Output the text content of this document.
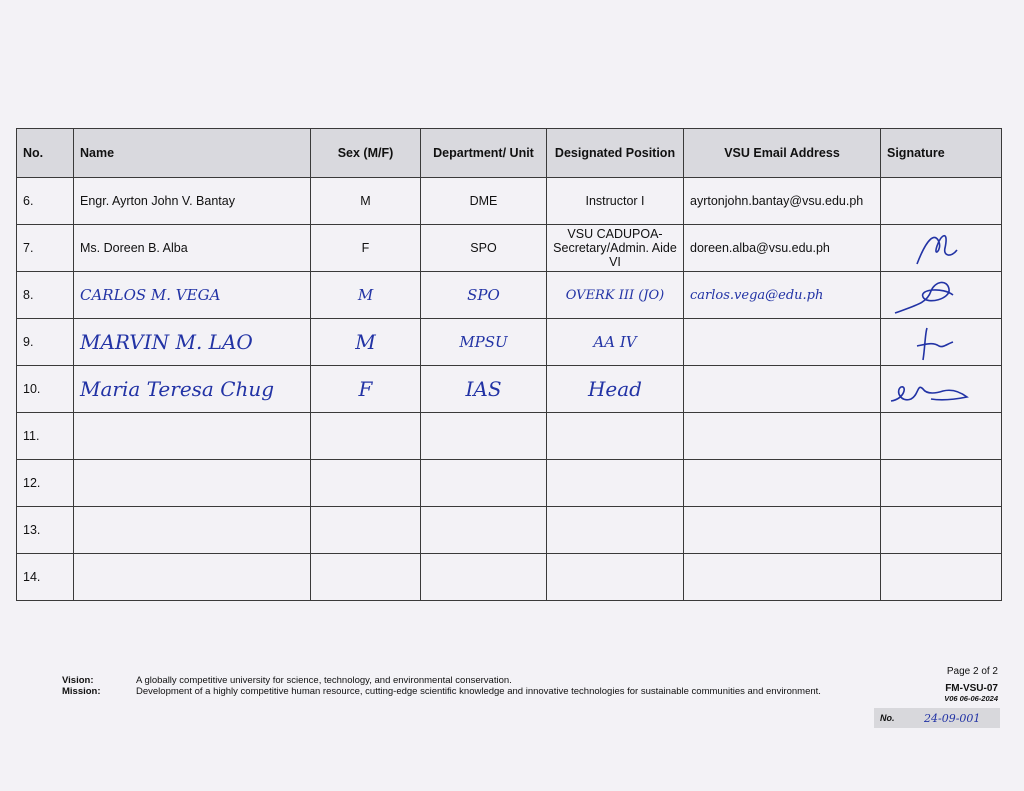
No.	Name	Sex (M/F)	Department/ Unit	Designated Position	VSU Email Address	Signature
6.	Engr. Ayrton John V. Bantay	M	DME	Instructor I	ayrtonjohn.bantay@vsu.edu.ph	
7.	Ms. Doreen B. Alba	F	SPO	VSU CADUPOA-Secretary/Admin. Aide VI	doreen.alba@vsu.edu.ph	

8.	CARLOS M. VEGA	M	SPO	OVERK III (JO)	carlos.vega@edu.ph	

9.	MARVIN M. LAO	M	MPSU	AA IV		

10.	Maria Teresa Chug	F	IAS	Head		

11.						
12.						
13.						
14.						
Vision:	A globally competitive university for science, technology, and environmental conservation.
Mission:	Development of a highly competitive human resource, cutting-edge scientific knowledge and innovative technologies for sustainable communities and environment.
Page 2 of 2
FM-VSU-07
V06 06-06-2024
No.	24-09-001
